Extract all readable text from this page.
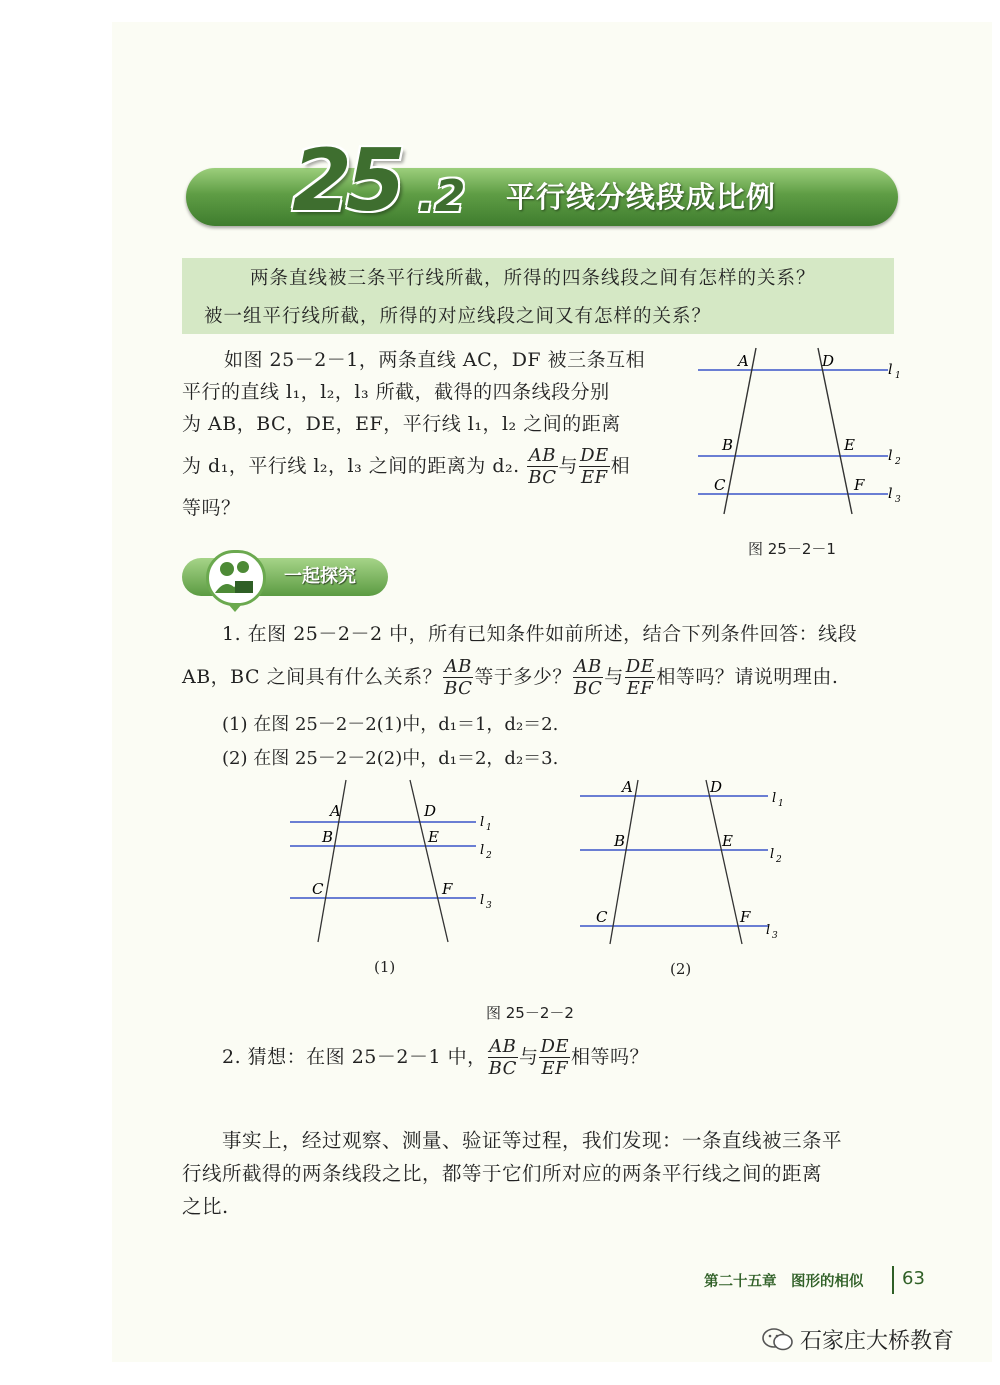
25 .2 平行线分线段成比例

两条直线被三条平行线所截，所得的四条线段之间有怎样的关系？

被一组平行线所截，所得的对应线段之间又有怎样的关系？

如图 25－2－1，两条直线 AC，DF 被三条互相
平行的直线 l₁，l₂，l₃ 所截，截得的四条线段分别
为 AB，BC，DE，EF，平行线 l₁，l₂ 之间的距离
为 d₁，平行线 l₂，l₃ 之间的距离为 d₂. $\frac{AB}{BC}$ 与 $\frac{DE}{EF}$ 相
等吗？
A	D
B	E
C	F
l 1
l 2
l 3
图 25－2－1
一起探究
1. 在图 25－2－2 中，所有已知条件如前所述，结合下列条件回答：线段
AB，BC 之间具有什么关系？ $\frac{AB}{BC}$ 等于多少？ $\frac{AB}{BC}$ 与 $\frac{DE}{EF}$ 相等吗？请说明理由.
(1) 在图 25－2－2(1)中，d₁＝1，d₂＝2.
(2) 在图 25－2－2(2)中，d₁＝2，d₂＝3.
A	D
B	E
C	F
l 1
l 2
l 3
(1)
A	D
B	E
C	F
l 1
l 2
l 3
(2)
图 25－2－2
2. 猜想：在图 25－2－1 中， $\frac{AB}{BC}$ 与 $\frac{DE}{EF}$ 相等吗？
事实上，经过观察、测量、验证等过程，我们发现：一条直线被三条平
行线所截得的两条线段之比，都等于它们所对应的两条平行线之间的距离
之比.
第二十五章　图形的相似 63
石家庄大桥教育
